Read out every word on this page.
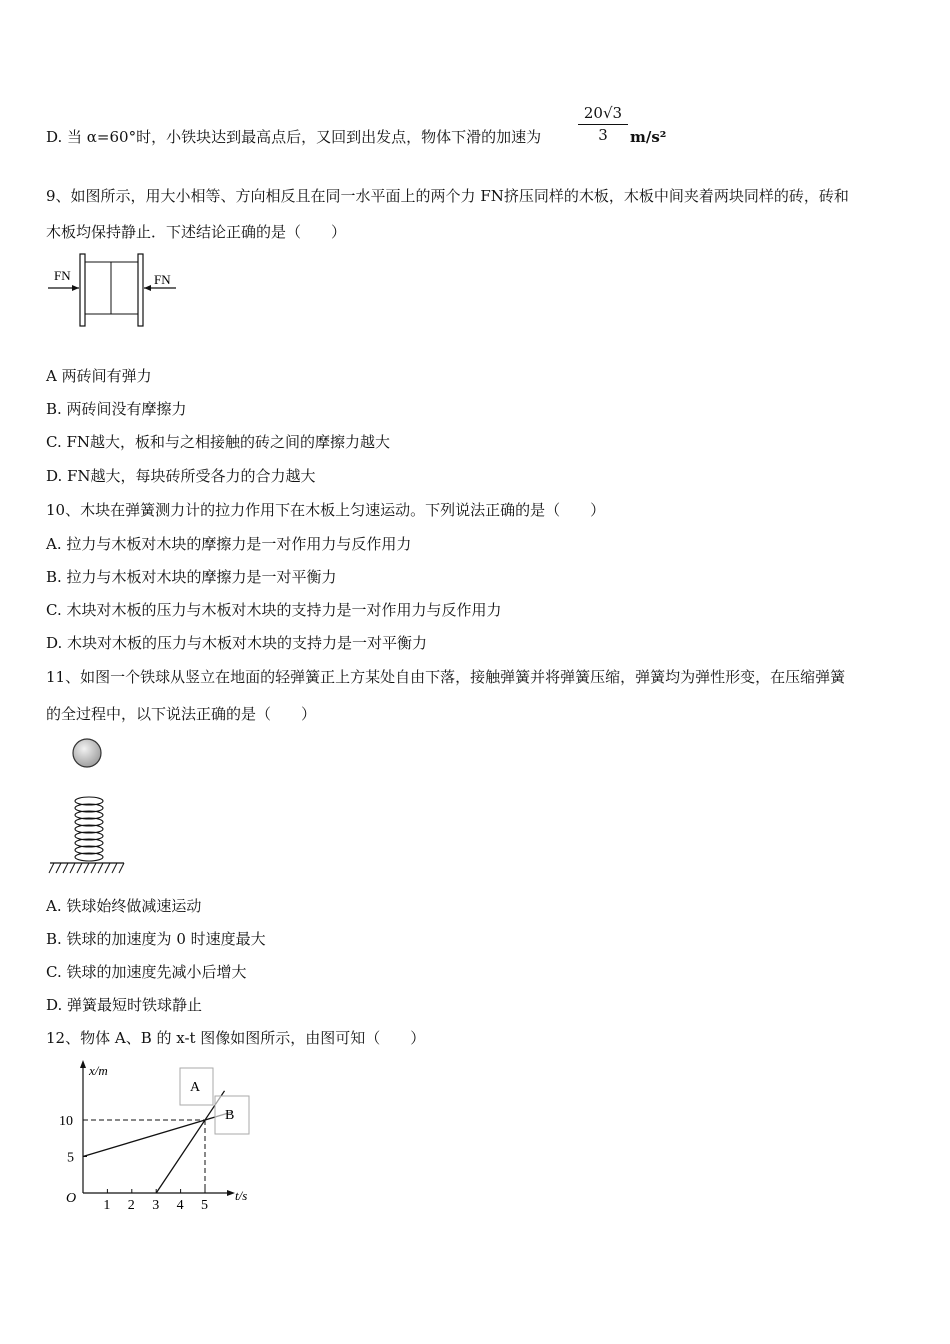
D. 当 α=60°时，小铁块达到最高点后，又回到出发点，物体下滑的加速为 $\frac{20√3}{3} m/s^2$
9、如图所示，用大小相等、方向相反且在同一水平面上的两个力 FN挤压同样的木板，木板中间夹着两块同样的砖，砖和
木板均保持静止．下述结论正确的是（　　）
FN	FN
A 两砖间有弹力
B. 两砖间没有摩擦力
C. FN越大，板和与之相接触的砖之间的摩擦力越大
D. FN越大，每块砖所受各力的合力越大
10、木块在弹簧测力计的拉力作用下在木板上匀速运动。下列说法正确的是（　　）
A. 拉力与木板对木块的摩擦力是一对作用力与反作用力
B. 拉力与木板对木块的摩擦力是一对平衡力
C. 木块对木板的压力与木板对木块的支持力是一对作用力与反作用力
D. 木块对木板的压力与木板对木块的支持力是一对平衡力
11、如图一个铁球从竖立在地面的轻弹簧正上方某处自由下落，接触弹簧并将弹簧压缩，弹簧均为弹性形变，在压缩弹簧
的全过程中，以下说法正确的是（　　）
A. 铁球始终做减速运动
B. 铁球的加速度为 0 时速度最大
C. 铁球的加速度先减小后增大
D. 弹簧最短时铁球静止
12、物体 A、B 的 x-t 图像如图所示，由图可知（　　）
x/m
t/s
O 1 2 3 4 5
5
10
A
B
